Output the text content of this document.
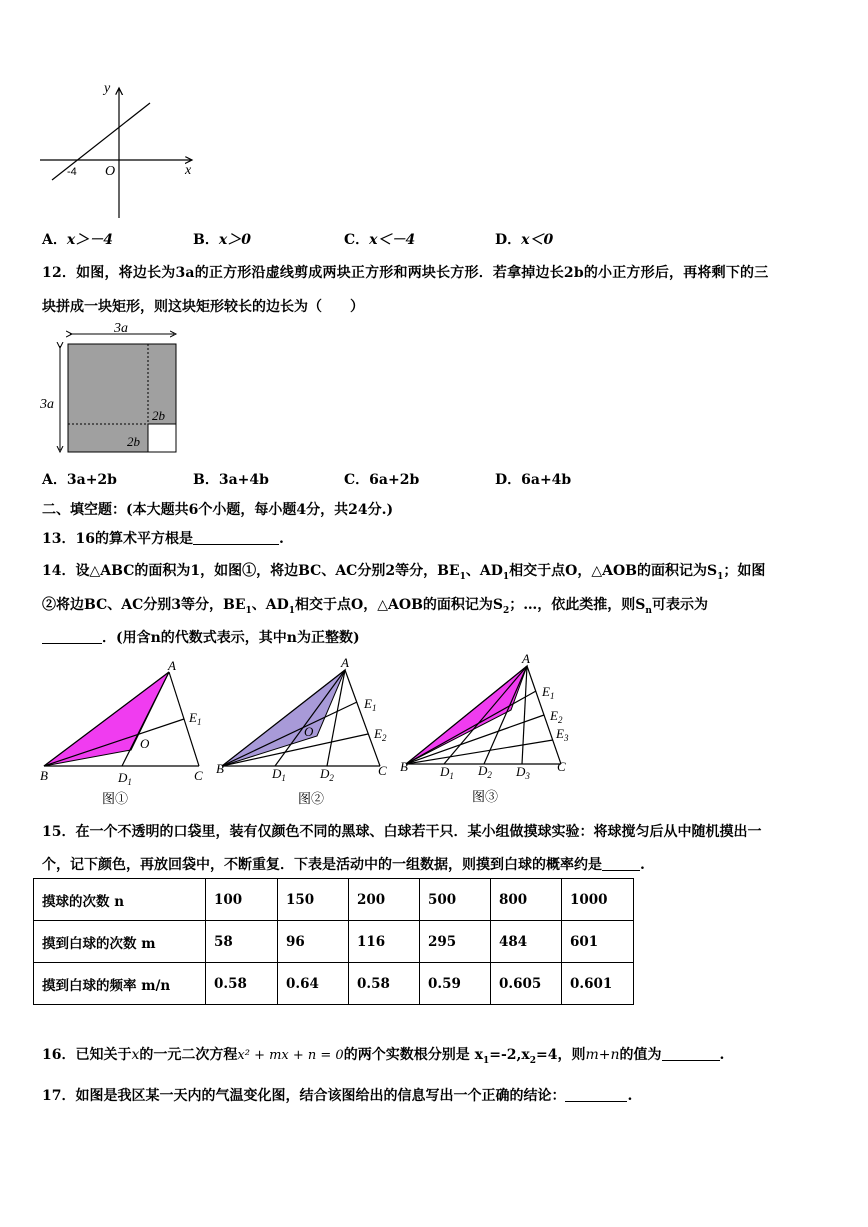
y
x
O
-4
A．x＞－4	B．x＞0	C．x＜－4	D．x＜0
12．如图，将边长为3a的正方形沿虚线剪成两块正方形和两块长方形．若拿掉边长2b的小正方形后，再将剩下的三
块拼成一块矩形，则这块矩形较长的边长为（　　）
3a
3a
2b
2b
A．3a+2b	B．3a+4b	C．6a+2b	D．6a+4b
二、填空题：(本大题共6个小题，每小题4分，共24分.)
13．16的算术平方根是	.
14．设△ABC的面积为1，如图①，将边BC、AC分别2等分，$BE_1$、$AD_1$相交于点O，△AOB的面积记为$S_1$；如图
②将边BC、AC分别3等分，$BE_1$、$AD_1$相交于点O，△AOB的面积记为$S_2$；…，依此类推，则$S_n$可表示为
．(用含n的代数式表示，其中n为正整数)
A
B	C
O
$D_1$
$E_1$
图①
A
B	C
O
$D_1$	$D_2$
$E_1$
$E_2$
图②
A
B	C
$D_1$ $D_2$ $D_3$
$E_1$
$E_2$
$E_3$
图③
15．在一个不透明的口袋里，装有仅颜色不同的黑球、白球若干只．某小组做摸球实验：将球搅匀后从中随机摸出一
个，记下颜色，再放回袋中，不断重复．下表是活动中的一组数据，则摸到白球的概率约是	.
摸球的次数 n	100	150	200	500	800	1000
摸到白球的次数 m	58	96	116	295	484	601
摸到白球的频率 m/n	0.58	0.64	0.58	0.59	0.605	0.601
16．已知关于x的一元二次方程x² + mx + n = 0的两个实数根分别是 $x_1=-2,x_2=4$，则m+n的值为	.
17．如图是我区某一天内的气温变化图，结合该图给出的信息写出一个正确的结论：	.
